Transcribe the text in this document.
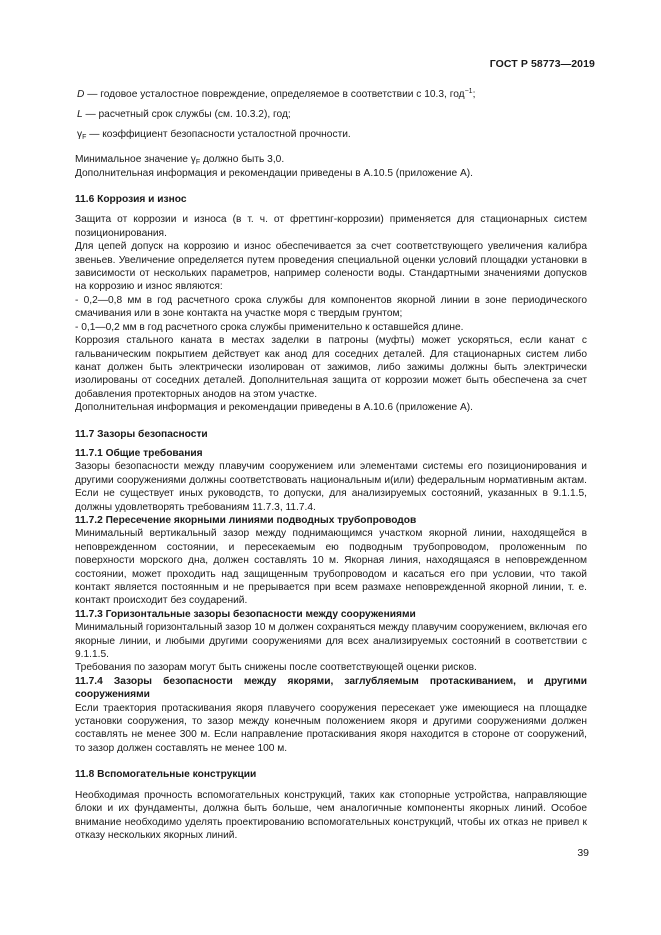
ГОСТ Р 58773—2019
D — годовое усталостное повреждение, определяемое в соответствии с 10.3, год$^{-1}$;
L — расчетный срок службы (см. 10.3.2), год;
$\gamma_F$ — коэффициент безопасности усталостной прочности.

Минимальное значение $\gamma_F$ должно быть 3,0.

Дополнительная информация и рекомендации приведены в А.10.5 (приложение А).

11.6 Коррозия и износ

Защита от коррозии и износа (в т. ч. от фреттинг-коррозии) применяется для стационарных систем позиционирования.

Для цепей допуск на коррозию и износ обеспечивается за счет соответствующего увеличения калибра звеньев. Увеличение определяется путем проведения специальной оценки условий площадки установки в зависимости от нескольких параметров, например солености воды. Стандартными значениями допусков на коррозию и износ являются:

- 0,2—0,8 мм в год расчетного срока службы для компонентов якорной линии в зоне периодического смачивания или в зоне контакта на участке моря с твердым грунтом;

- 0,1—0,2 мм в год расчетного срока службы применительно к оставшейся длине.

Коррозия стального каната в местах заделки в патроны (муфты) может ускоряться, если канат с гальваническим покрытием действует как анод для соседних деталей. Для стационарных систем либо канат должен быть электрически изолирован от зажимов, либо зажимы должны быть электрически изолированы от соседних деталей. Дополнительная защита от коррозии может быть обеспечена за счет добавления протекторных анодов на этом участке.

Дополнительная информация и рекомендации приведены в А.10.6 (приложение А).

11.7 Зазоры безопасности

11.7.1 Общие требования

Зазоры безопасности между плавучим сооружением или элементами системы его позиционирования и другими сооружениями должны соответствовать национальным и(или) федеральным нормативным актам. Если не существует иных руководств, то допуски, для анализируемых состояний, указанных в 9.1.1.5, должны удовлетворять требованиям 11.7.3, 11.7.4.

11.7.2 Пересечение якорными линиями подводных трубопроводов

Минимальный вертикальный зазор между поднимающимся участком якорной линии, находящейся в неповрежденном состоянии, и пересекаемым ею подводным трубопроводом, проложенным по поверхности морского дна, должен составлять 10 м. Якорная линия, находящаяся в неповрежденном состоянии, может проходить над защищенным трубопроводом и касаться его при условии, что такой контакт является постоянным и не прерывается при всем размахе неповрежденной якорной линии, т. е. контакт происходит без соударений.

11.7.3 Горизонтальные зазоры безопасности между сооружениями

Минимальный горизонтальный зазор 10 м должен сохраняться между плавучим сооружением, включая его якорные линии, и любыми другими сооружениями для всех анализируемых состояний в соответствии с 9.1.1.5.

Требования по зазорам могут быть снижены после соответствующей оценки рисков.

11.7.4 Зазоры безопасности между якорями, заглубляемым протаскиванием, и другими сооружениями

Если траектория протаскивания якоря плавучего сооружения пересекает уже имеющиеся на площадке установки сооружения, то зазор между конечным положением якоря и другими сооружениями должен составлять не менее 300 м. Если направление протаскивания якоря находится в стороне от сооружений, то зазор должен составлять не менее 100 м.

11.8 Вспомогательные конструкции

Необходимая прочность вспомогательных конструкций, таких как стопорные устройства, направляющие блоки и их фундаменты, должна быть больше, чем аналогичные компоненты якорных линий. Особое внимание необходимо уделять проектированию вспомогательных конструкций, чтобы их отказ не привел к отказу нескольких якорных линий.

39
